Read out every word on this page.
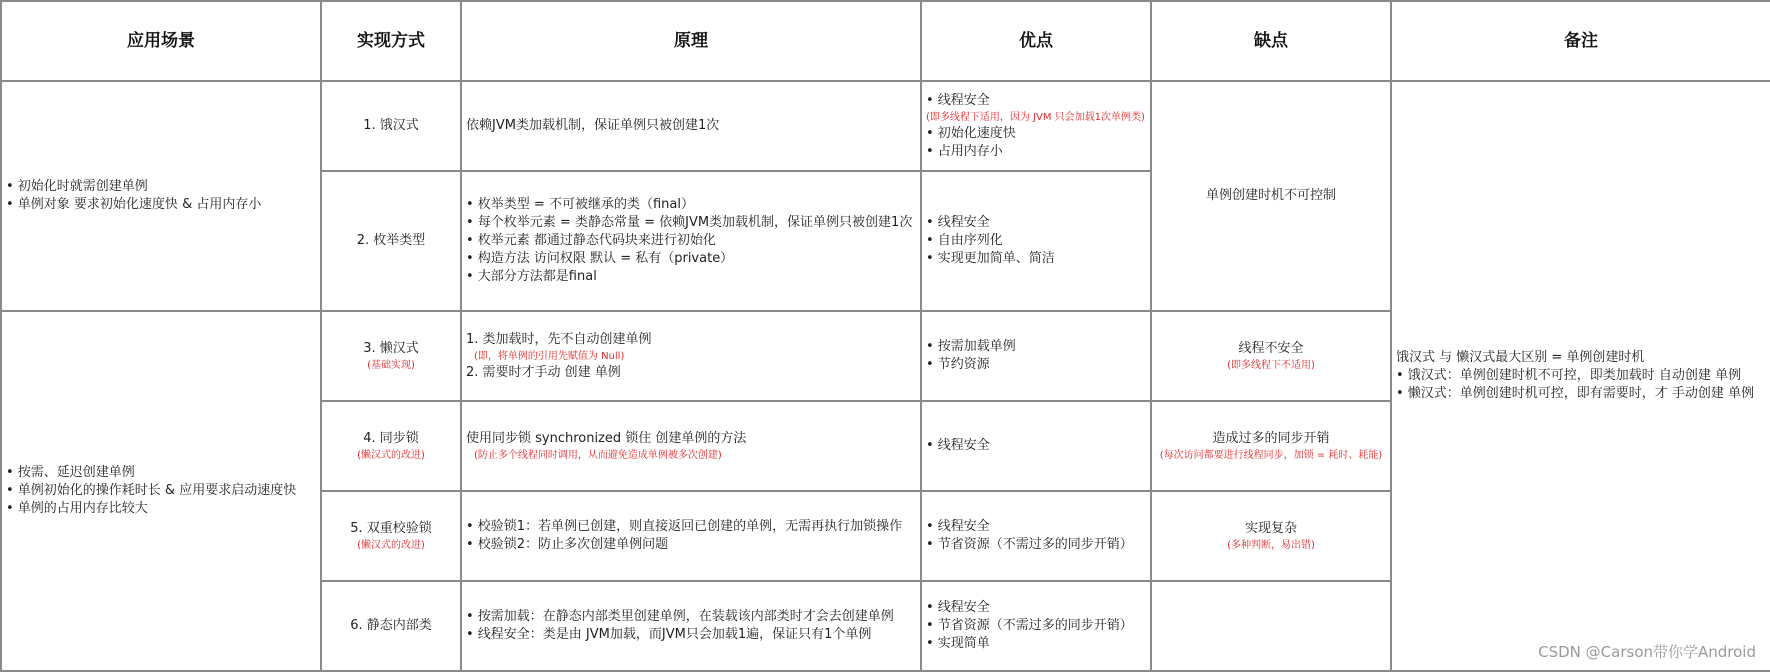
应用场景	实现方式	原理	优点	缺点	备注

• 初始化时就需创建单例
• 单例对象 要求初始化速度快 & 占用内存小	1. 饿汉式	依赖JVM类加载机制，保证单例只被创建1次	• 线程安全
(即多线程下适用，因为 JVM 只会加载1次单例类)
• 初始化速度快
• 占用内存小	单例创建时机不可控制	饿汉式 与 懒汉式最大区别 = 单例创建时机
• 饿汉式：单例创建时机不可控，即类加载时 自动创建 单例
• 懒汉式：单例创建时机可控，即有需要时，才 手动创建 单例

	2. 枚举类型	• 枚举类型 = 不可被继承的类（final）
• 每个枚举元素 = 类静态常量 = 依赖JVM类加载机制，保证单例只被创建1次
• 枚举元素 都通过静态代码块来进行初始化
• 构造方法 访问权限 默认 = 私有（private）
• 大部分方法都是final	• 线程安全
• 自由序列化
• 实现更加简单、简洁		

• 按需、延迟创建单例
• 单例初始化的操作耗时长 & 应用要求启动速度快
• 单例的占用内存比较大	3. 懒汉式
(基础实现)	1. 类加载时，先不自动创建单例
(即，将单例的引用先赋值为 Null)
2. 需要时才手动 创建 单例	• 按需加载单例
• 节约资源	线程不安全
(即多线程下不适用)	

	4. 同步锁
(懒汉式的改进)	使用同步锁 synchronized 锁住 创建单例的方法
(防止多个线程同时调用，从而避免造成单例被多次创建)	• 线程安全	造成过多的同步开销
(每次访问都要进行线程同步，加锁 = 耗时、耗能)	

	5. 双重校验锁
(懒汉式的改进)	• 校验锁1：若单例已创建，则直接返回已创建的单例，无需再执行加锁操作
• 校验锁2：防止多次创建单例问题	• 线程安全
• 节省资源（不需过多的同步开销）	实现复杂
(多种判断，易出错)	

	6. 静态内部类	• 按需加载：在静态内部类里创建单例，在装载该内部类时才会去创建单例
• 线程安全：类是由 JVM加载，而JVM只会加载1遍，保证只有1个单例	• 线程安全
• 节省资源（不需过多的同步开销）
• 实现简单		
		CSDN @Carson带你学Android
